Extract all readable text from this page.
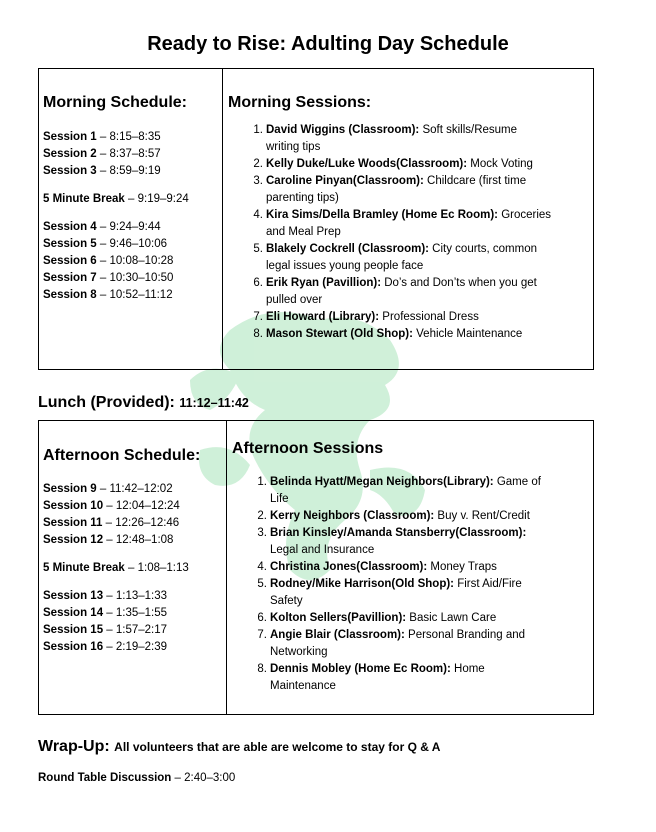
Ready to Rise: Adulting Day Schedule
Morning Schedule:	Morning Sessions:
Session 1 – 8:15–8:35
Session 2 – 8:37–8:57
Session 3 – 8:59–9:19
5 Minute Break – 9:19–9:24
Session 4 – 9:24–9:44
Session 5 – 9:46–10:06
Session 6 – 10:08–10:28
Session 7 – 10:30–10:50
Session 8 – 10:52–11:12
1. David Wiggins (Classroom): Soft skills/Resume
writing tips
2. Kelly Duke/Luke Woods(Classroom): Mock Voting
3. Caroline Pinyan(Classroom): Childcare (first time
parenting tips)
4. Kira Sims/Della Bramley (Home Ec Room): Groceries
and Meal Prep
5. Blakely Cockrell (Classroom): City courts, common
legal issues young people face
6. Erik Ryan (Pavillion): Do’s and Don’ts when you get
pulled over
7. Eli Howard (Library): Professional Dress
8. Mason Stewart (Old Shop): Vehicle Maintenance
Lunch (Provided): 11:12–11:42
Afternoon Schedule: Afternoon Sessions
Session 9 – 11:42–12:02
Session 10 – 12:04–12:24
Session 11 – 12:26–12:46
Session 12 – 12:48–1:08
5 Minute Break – 1:08–1:13
Session 13 – 1:13–1:33
Session 14 – 1:35–1:55
Session 15 – 1:57–2:17
Session 16 – 2:19–2:39
1. Belinda Hyatt/Megan Neighbors(Library): Game of
Life
2. Kerry Neighbors (Classroom): Buy v. Rent/Credit
3. Brian Kinsley/Amanda Stansberry(Classroom):
Legal and Insurance
4. Christina Jones(Classroom): Money Traps
5. Rodney/Mike Harrison(Old Shop): First Aid/Fire
Safety
6. Kolton Sellers(Pavillion): Basic Lawn Care
7. Angie Blair (Classroom): Personal Branding and
Networking
8. Dennis Mobley (Home Ec Room): Home
Maintenance
Wrap-Up: All volunteers that are able are welcome to stay for Q & A
Round Table Discussion – 2:40–3:00
